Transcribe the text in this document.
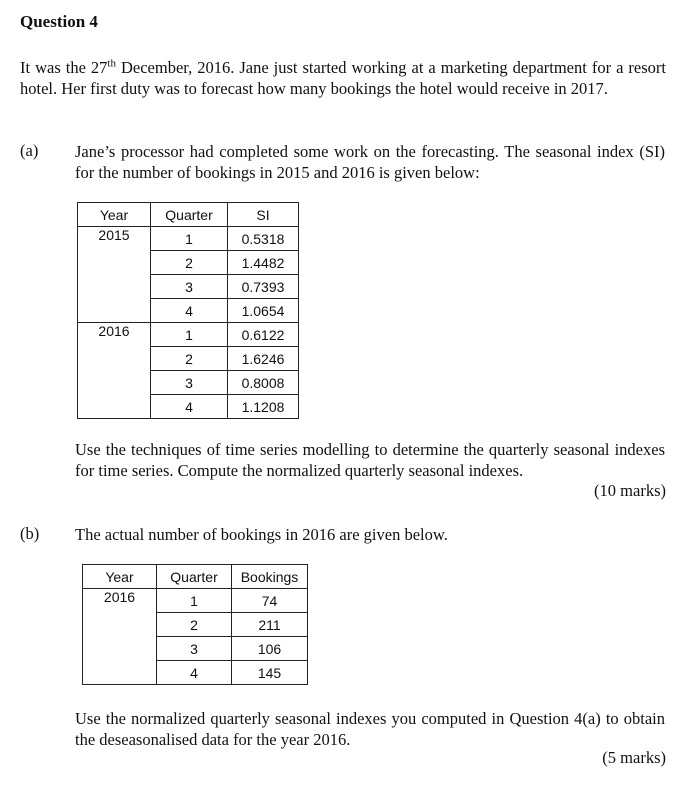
Question 4
It was the 27th December, 2016. Jane just started working at a marketing department for a resort hotel. Her first duty was to forecast how many bookings the hotel would receive in 2017.
(a) Jane’s processor had completed some work on the forecasting. The seasonal index (SI) for the number of bookings in 2015 and 2016 is given below:
Year	Quarter	SI
2015	1	0.5318
	2	1.4482
	3	0.7393
	4	1.0654
2016	1	0.6122
	2	1.6246
	3	0.8008
	4	1.1208
Use the techniques of time series modelling to determine the quarterly seasonal indexes for time series. Compute the normalized quarterly seasonal indexes.
(10 marks)
(b) The actual number of bookings in 2016 are given below.
Year	Quarter	Bookings
2016	1	74
	2	211
	3	106
	4	145
Use the normalized quarterly seasonal indexes you computed in Question 4(a) to obtain the deseasonalised data for the year 2016.
(5 marks)
